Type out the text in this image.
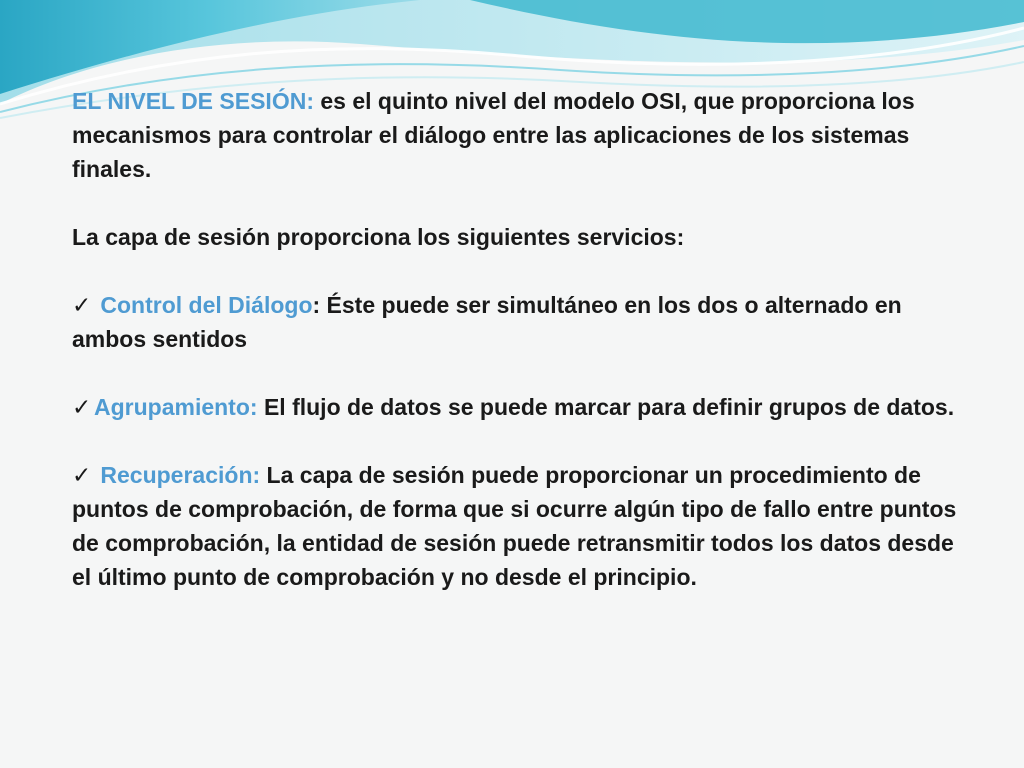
EL NIVEL DE SESIÓN: es el quinto nivel del modelo OSI, que proporciona los mecanismos para controlar el diálogo entre las aplicaciones de los sistemas finales.

La capa de sesión proporciona los siguientes servicios:

✓ Control del Diálogo: Éste puede ser simultáneo en los dos o alternado en ambos sentidos

✓ Agrupamiento: El flujo de datos se puede marcar para definir grupos de datos.

✓ Recuperación: La capa de sesión puede proporcionar un procedimiento de puntos de comprobación, de forma que si ocurre algún tipo de fallo entre puntos de comprobación, la entidad de sesión puede retransmitir todos los datos desde el último punto de comprobación y no desde el principio.
